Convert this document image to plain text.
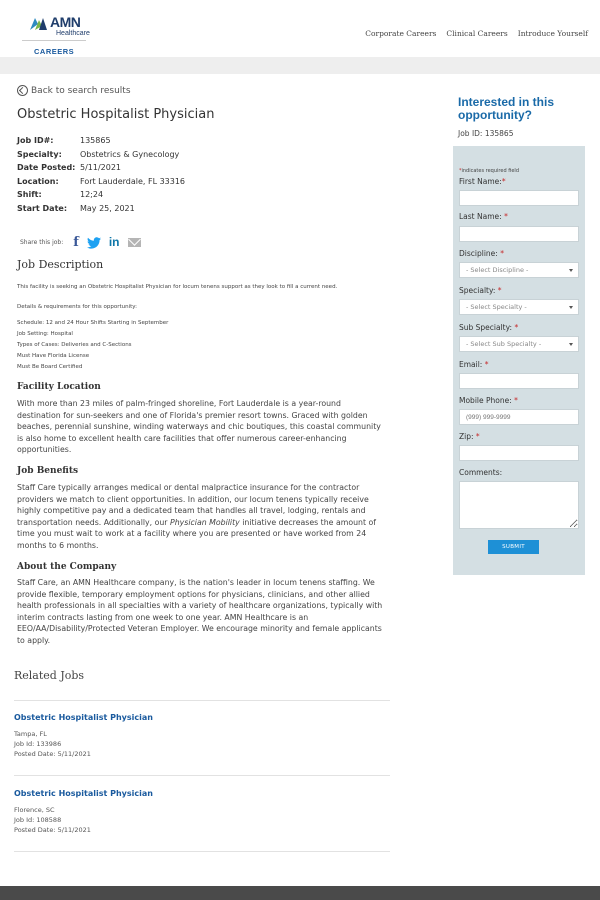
AMN
Healthcare
CAREERS
Corporate Careers Clinical Careers Introduce Yourself
Back to search results
Obstetric Hospitalist Physician
Job ID#:	135865
Specialty:	Obstetrics & Gynecology
Date Posted: 5/11/2021
Location:	Fort Lauderdale, FL 33316
Shift:	12;24
Start Date:	May 25, 2021
Share this job: f	in
Job Description
This facility is seeking an Obstetric Hospitalist Physician for locum tenens support as they look to fill a current need.
Details & requirements for this opportunity:
Schedule: 12 and 24 Hour Shifts Starting in September
Job Setting: Hospital
Types of Cases: Deliveries and C-Sections
Must Have Florida License
Must Be Board Certified
Facility Location
With more than 23 miles of palm-fringed shoreline, Fort Lauderdale is a year-round destination for sun-seekers and one of Florida's premier resort towns. Graced with golden beaches, perennial sunshine, winding waterways and chic boutiques, this coastal community is also home to excellent health care facilities that offer numerous career-enhancing opportunities.
Job Benefits
Staff Care typically arranges medical or dental malpractice insurance for the contractor providers we match to client opportunities. In addition, our locum tenens typically receive highly competitive pay and a dedicated team that handles all travel, lodging, rentals and transportation needs. Additionally, our Physician Mobility initiative decreases the amount of time you must wait to work at a facility where you are presented or have worked from 24 months to 6 months.
About the Company
Staff Care, an AMN Healthcare company, is the nation's leader in locum tenens staffing. We provide flexible, temporary employment options for physicians, clinicians, and other allied health professionals in all specialties with a variety of healthcare organizations, typically with interim contracts lasting from one week to one year. AMN Healthcare is an EEO/AA/Disability/Protected Veteran Employer. We encourage minority and female applicants to apply.
Related Jobs
Obstetric Hospitalist Physician
Tampa, FL
Job Id: 133986
Posted Date: 5/11/2021
Obstetric Hospitalist Physician
Florence, SC
Job Id: 108588
Posted Date: 5/11/2021
Interested in this opportunity?
Job ID: 135865
*indicates required field
First Name:*
Last Name: *
Discipline: *
- Select Discipline -
Specialty: *
- Select Specialty -
Sub Specialty: *
- Select Sub Specialty -
Email: *
Mobile Phone: *
(999) 999-9999
Zip: *
Comments:
SUBMIT
